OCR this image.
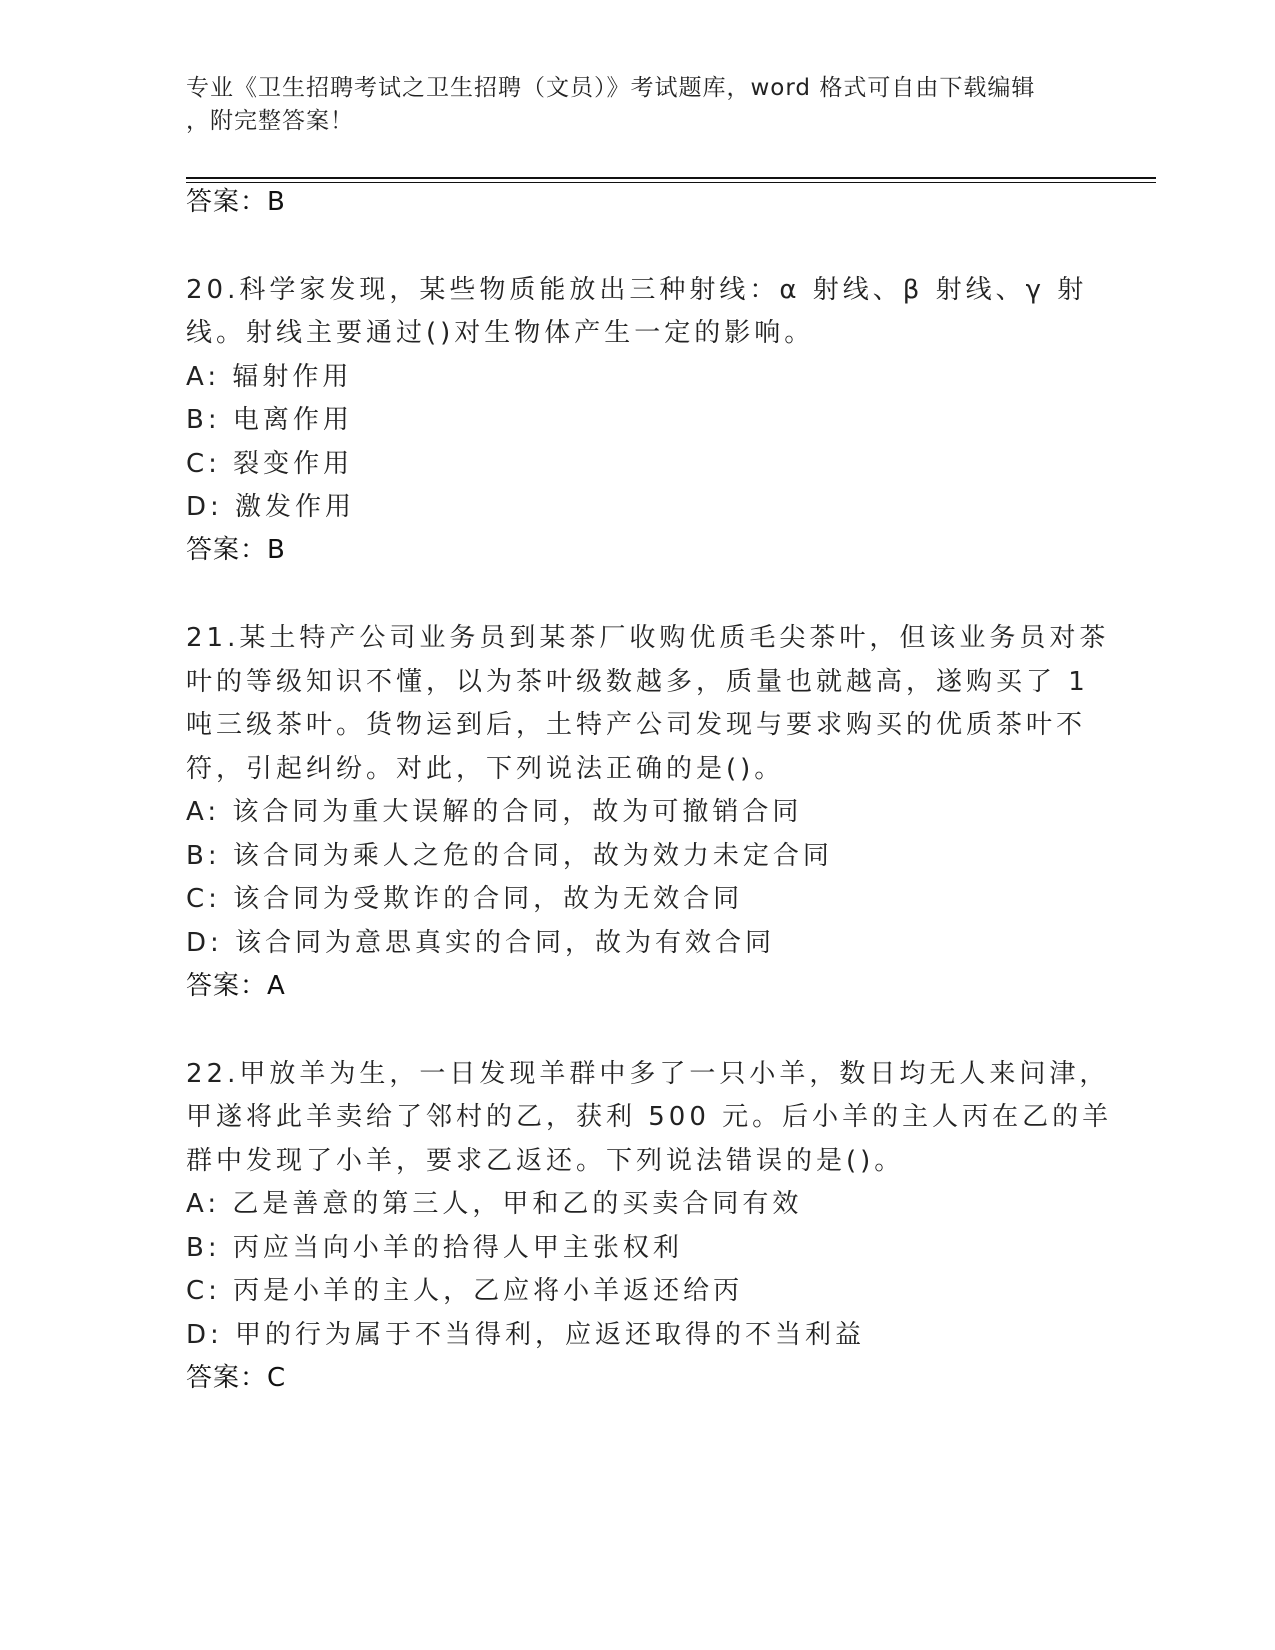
专业《卫生招聘考试之卫生招聘（文员）》考试题库，word 格式可自由下载编辑
，附完整答案！
答案：B
20.科学家发现，某些物质能放出三种射线：α 射线、β 射线、γ 射
线。射线主要通过()对生物体产生一定的影响。
A: 辐射作用
B: 电离作用
C: 裂变作用
D: 激发作用
答案：B
21.某土特产公司业务员到某茶厂收购优质毛尖茶叶，但该业务员对茶
叶的等级知识不懂，以为茶叶级数越多，质量也就越高，遂购买了 1
吨三级茶叶。货物运到后，土特产公司发现与要求购买的优质茶叶不
符，引起纠纷。对此，下列说法正确的是()。
A: 该合同为重大误解的合同，故为可撤销合同
B: 该合同为乘人之危的合同，故为效力未定合同
C: 该合同为受欺诈的合同，故为无效合同
D: 该合同为意思真实的合同，故为有效合同
答案：A
22.甲放羊为生，一日发现羊群中多了一只小羊，数日均无人来问津，
甲遂将此羊卖给了邻村的乙，获利 500 元。后小羊的主人丙在乙的羊
群中发现了小羊，要求乙返还。下列说法错误的是()。
A: 乙是善意的第三人，甲和乙的买卖合同有效
B: 丙应当向小羊的拾得人甲主张权利
C: 丙是小羊的主人，乙应将小羊返还给丙
D: 甲的行为属于不当得利，应返还取得的不当利益
答案：C
